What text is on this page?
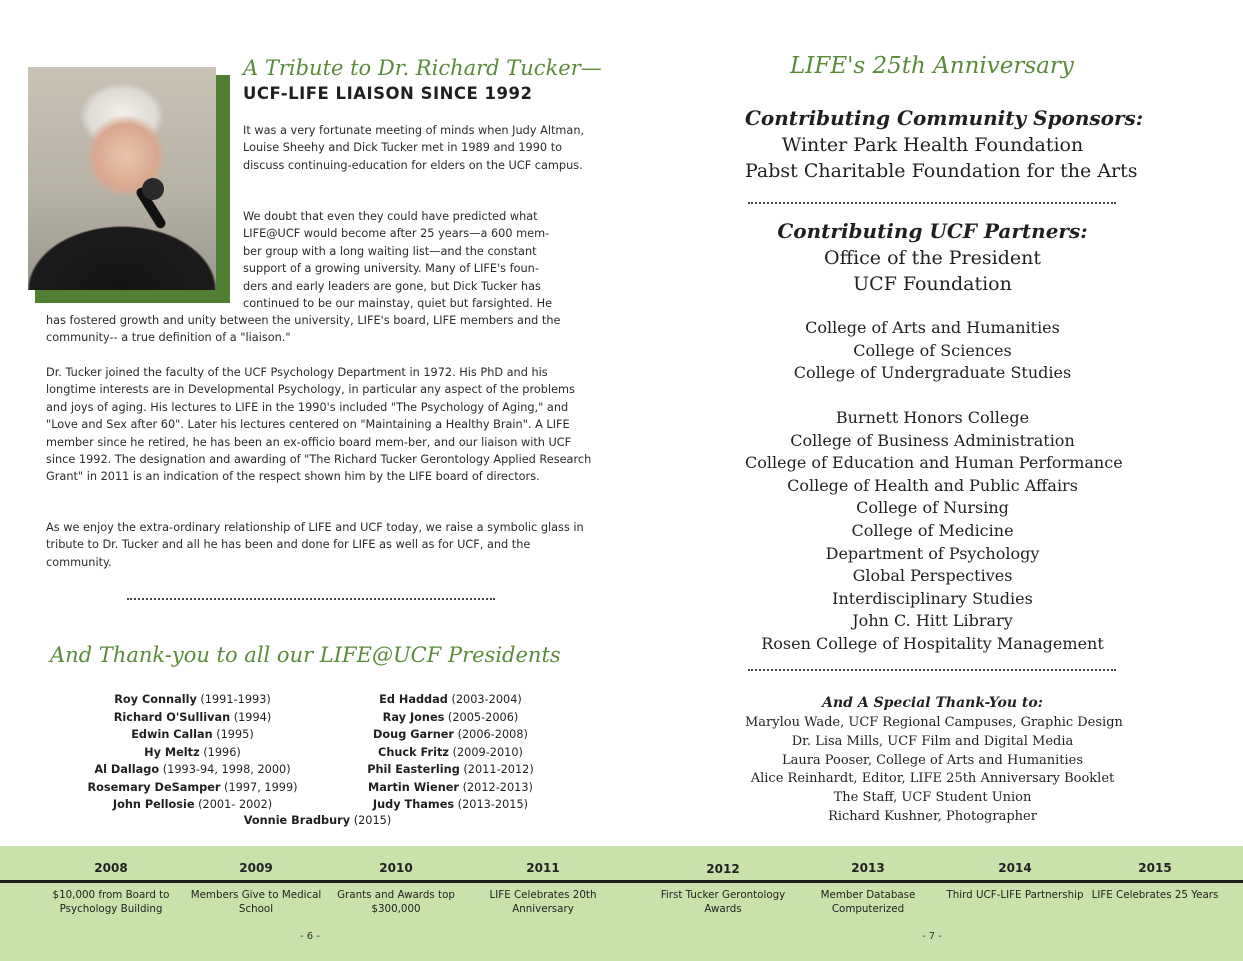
A Tribute to Dr. Richard Tucker—
UCF-LIFE LIAISON SINCE 1992

It was a very fortunate meeting of minds when Judy Altman, Louise Sheehy and Dick Tucker met in 1989 and 1990 to discuss continuing-education for elders on the UCF campus.

We doubt that even they could have predicted what
LIFE@UCF would become after 25 years—a 600 mem-
ber group with a long waiting list—and the constant
support of a growing university. Many of LIFE's foun-
ders and early leaders are gone, but Dick Tucker has
continued to be our mainstay, quiet but farsighted. He

has fostered growth and unity between the university, LIFE's board, LIFE members and the community-- a true definition of a "liaison."

Dr. Tucker joined the faculty of the UCF Psychology Department in 1972. His PhD and his longtime interests are in Developmental Psychology, in particular any aspect of the problems and joys of aging. His lectures to LIFE in the 1990's included "The Psychology of Aging," and "Love and Sex after 60". Later his lectures centered on "Maintaining a Healthy Brain". A LIFE member since he retired, he has been an ex-officio board mem-ber, and our liaison with UCF since 1992. The designation and awarding of "The Richard Tucker Gerontology Applied Research Grant" in 2011 is an indication of the respect shown him by the LIFE board of directors.

As we enjoy the extra-ordinary relationship of LIFE and UCF today, we raise a symbolic glass in tribute to Dr. Tucker and all he has been and done for LIFE as well as for UCF, and the community.

And Thank-you to all our LIFE@UCF Presidents
Roy Connally (1991-1993)
Richard O'Sullivan (1994)
Edwin Callan (1995)
Hy Meltz (1996)
Al Dallago (1993-94, 1998, 2000)
Rosemary DeSamper (1997, 1999)
John Pellosie (2001- 2002)
Ed Haddad (2003-2004)
Ray Jones (2005-2006)
Doug Garner (2006-2008)
Chuck Fritz (2009-2010)
Phil Easterling (2011-2012)
Martin Wiener (2012-2013)
Judy Thames (2013-2015)
Vonnie Bradbury (2015)
LIFE's 25th Anniversary
Contributing Community Sponsors:
Winter Park Health Foundation
Pabst Charitable Foundation for the Arts
Contributing UCF Partners:
Office of the President
UCF Foundation
College of Arts and Humanities
College of Sciences
College of Undergraduate Studies
Burnett Honors College
College of Business Administration
College of Education and Human Performance
College of Health and Public Affairs
College of Nursing
College of Medicine
Department of Psychology
Global Perspectives
Interdisciplinary Studies
John C. Hitt Library
Rosen College of Hospitality Management
And A Special Thank-You to:
Marylou Wade, UCF Regional Campuses, Graphic Design
Dr. Lisa Mills, UCF Film and Digital Media
Laura Pooser, College of Arts and Humanities
Alice Reinhardt, Editor, LIFE 25th Anniversary Booklet
The Staff, UCF Student Union
Richard Kushner, Photographer
2008
$10,000 from Board to Psychology Building
2009
Members Give to Medical School
2010
Grants and Awards top $300,000
2011
LIFE Celebrates 20th Anniversary
2012
First Tucker Gerontology Awards
2013
Member Database Computerized
2014
Third UCF-LIFE Partnership
2015
LIFE Celebrates 25 Years
- 6 -	- 7 -
